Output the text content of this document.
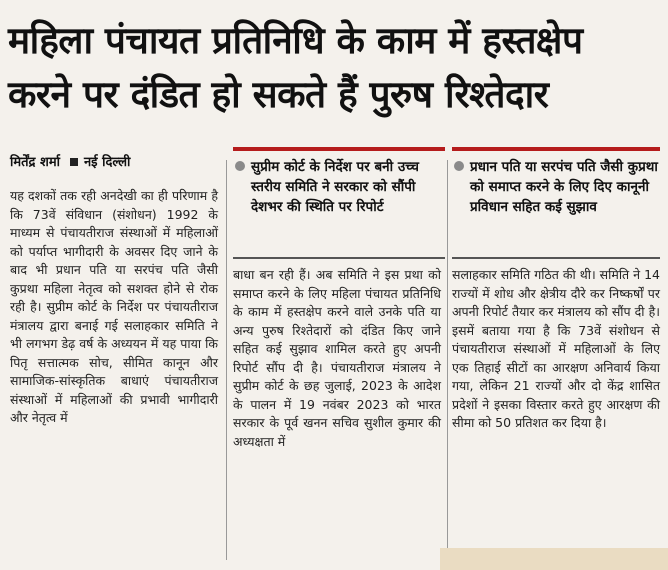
महिला पंचायत प्रतिनिधि के काम में हस्तक्षेप
करने पर दंडित हो सकते हैं पुरुष रिश्तेदार
मिर्तेंद्र शर्मा नई दिल्ली	सुप्रीम कोर्ट के निर्देश पर बनी उच्च स्तरीय समिति ने सरकार को सौंपी देशभर की स्थिति पर रिपोर्ट
प्रधान पति या सरपंच पति जैसी कुप्रथा को समाप्त करने के लिए दिए कानूनी प्रविधान सहित कई सुझाव
यह दशकों तक रही अनदेखी का ही परिणाम है कि 73वें संविधान (संशोधन) 1992 के माध्यम से पंचायतीराज संस्थाओं में महिलाओं को पर्याप्त भागीदारी के अवसर दिए जाने के बाद भी प्रधान पति या सरपंच पति जैसी कुप्रथा महिला नेतृत्व को सशक्त होने से रोक रही है। सुप्रीम कोर्ट के निर्देश पर पंचायतीराज मंत्रालय द्वारा बनाई गई सलाहकार समिति ने भी लगभग डेढ़ वर्ष के अध्ययन में यह पाया कि पितृ सत्तात्मक सोच, सीमित कानून और सामाजिक-सांस्कृतिक बाधाएं पंचायतीराज संस्थाओं में महिलाओं की प्रभावी भागीदारी और नेतृत्व में
बाधा बन रही हैं। अब समिति ने इस प्रथा को समाप्त करने के लिए महिला पंचायत प्रतिनिधि के काम में हस्तक्षेप करने वाले उनके पति या अन्य पुरुष रिश्तेदारों को दंडित किए जाने सहित कई सुझाव शामिल करते हुए अपनी रिपोर्ट सौंप दी है। पंचायतीराज मंत्रालय ने सुप्रीम कोर्ट के छह जुलाई, 2023 के आदेश के पालन में 19 नवंबर 2023 को भारत सरकार के पूर्व खनन सचिव सुशील कुमार की अध्यक्षता में
सलाहकार समिति गठित की थी। समिति ने 14 राज्यों में शोध और क्षेत्रीय दौरे कर निष्कर्षों पर अपनी रिपोर्ट तैयार कर मंत्रालय को सौंप दी है। इसमें बताया गया है कि 73वें संशोधन से पंचायतीराज संस्थाओं में महिलाओं के लिए एक तिहाई सीटों का आरक्षण अनिवार्य किया गया, लेकिन 21 राज्यों और दो केंद्र शासित प्रदेशों ने इसका विस्तार करते हुए आरक्षण की सीमा को 50 प्रतिशत कर दिया है।
